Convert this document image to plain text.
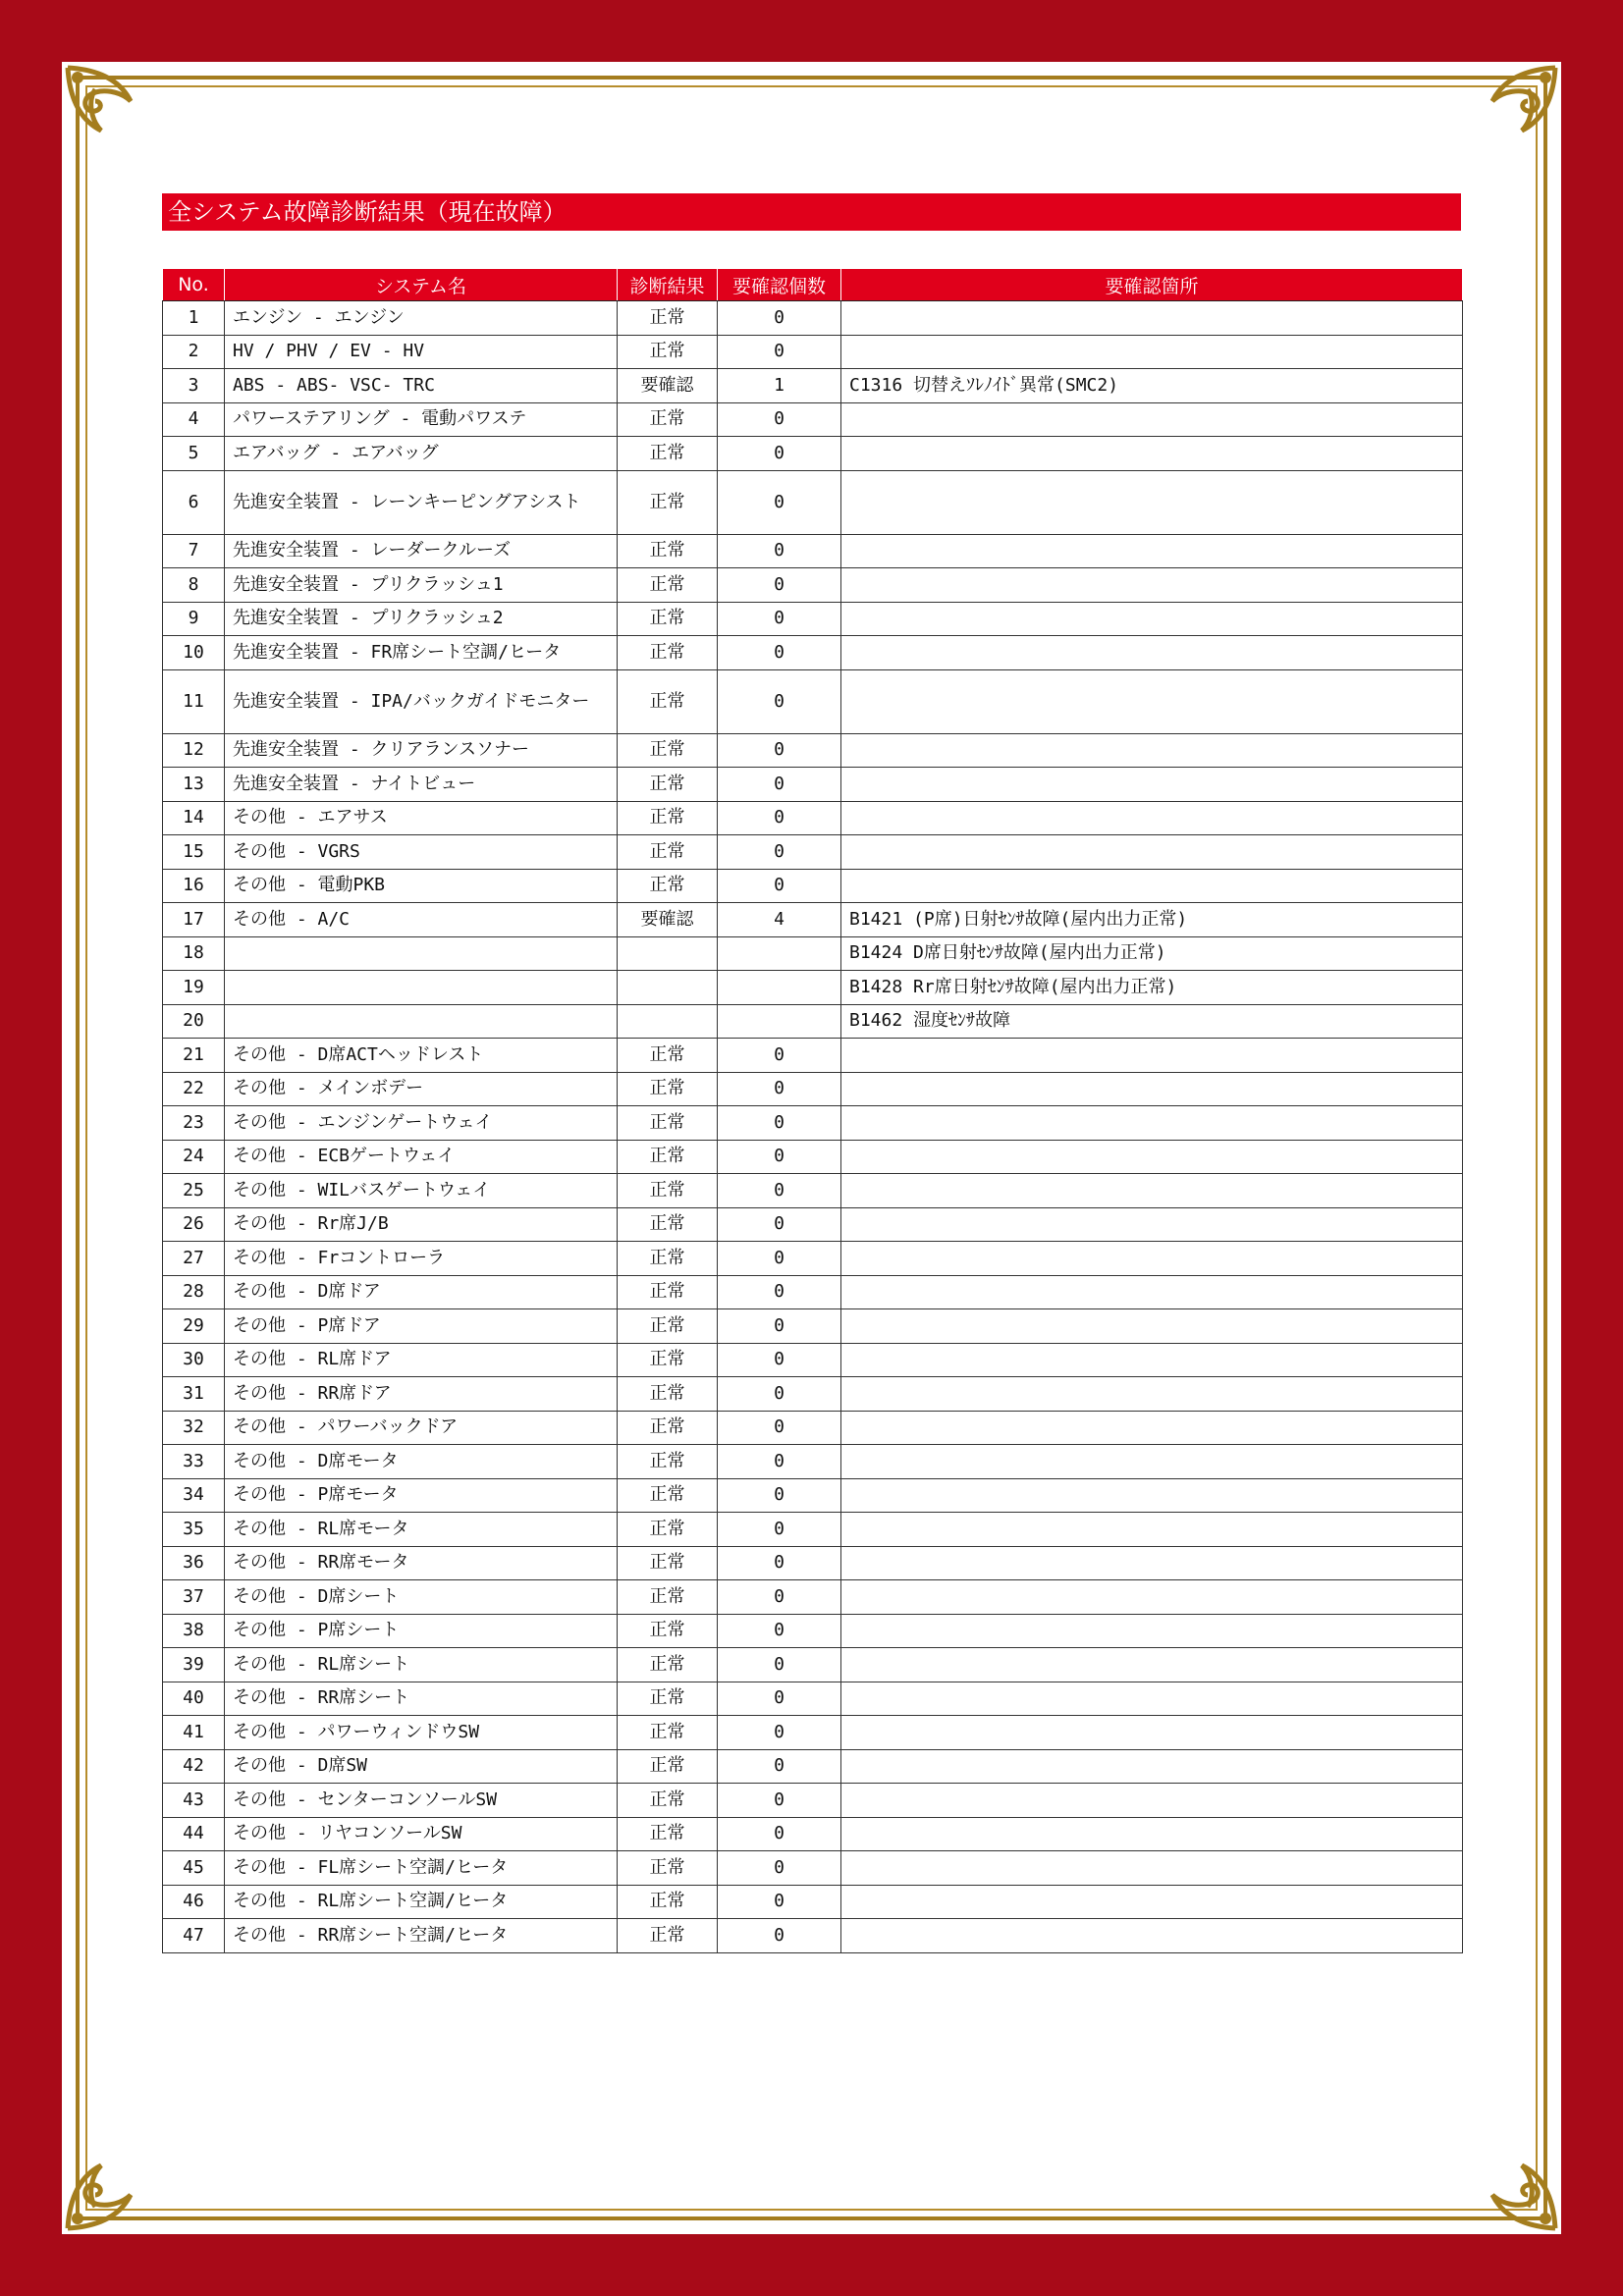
全システム故障診断結果（現在故障）
No.	システム名	診断結果	要確認個数	要確認箇所
1	エンジン - エンジン	正常	0	
2	HV / PHV / EV - HV	正常	0	
3	ABS - ABS- VSC- TRC	要確認	1	C1316 切替えｿﾚﾉｲﾄﾞ異常(SMC2)
4	パワーステアリング - 電動パワステ	正常	0	
5	エアバッグ - エアバッグ	正常	0	
6	先進安全装置 - レーンキーピングアシスト	正常	0	
7	先進安全装置 - レーダークルーズ	正常	0	
8	先進安全装置 - プリクラッシュ1	正常	0	
9	先進安全装置 - プリクラッシュ2	正常	0	
10	先進安全装置 - FR席シート空調/ヒータ	正常	0	
11	先進安全装置 - IPA/バックガイドモニター	正常	0	
12	先進安全装置 - クリアランスソナー	正常	0	
13	先進安全装置 - ナイトビュー	正常	0	
14	その他 - エアサス	正常	0	
15	その他 - VGRS	正常	0	
16	その他 - 電動PKB	正常	0	
17	その他 - A/C	要確認	4	B1421 (P席)日射ｾﾝｻ故障(屋内出力正常)
18				B1424 D席日射ｾﾝｻ故障(屋内出力正常)
19				B1428 Rr席日射ｾﾝｻ故障(屋内出力正常)
20				B1462 湿度ｾﾝｻ故障
21	その他 - D席ACTヘッドレスト	正常	0	
22	その他 - メインボデー	正常	0	
23	その他 - エンジンゲートウェイ	正常	0	
24	その他 - ECBゲートウェイ	正常	0	
25	その他 - WILバスゲートウェイ	正常	0	
26	その他 - Rr席J/B	正常	0	
27	その他 - Frコントローラ	正常	0	
28	その他 - D席ドア	正常	0	
29	その他 - P席ドア	正常	0	
30	その他 - RL席ドア	正常	0	
31	その他 - RR席ドア	正常	0	
32	その他 - パワーバックドア	正常	0	
33	その他 - D席モータ	正常	0	
34	その他 - P席モータ	正常	0	
35	その他 - RL席モータ	正常	0	
36	その他 - RR席モータ	正常	0	
37	その他 - D席シート	正常	0	
38	その他 - P席シート	正常	0	
39	その他 - RL席シート	正常	0	
40	その他 - RR席シート	正常	0	
41	その他 - パワーウィンドウSW	正常	0	
42	その他 - D席SW	正常	0	
43	その他 - センターコンソールSW	正常	0	
44	その他 - リヤコンソールSW	正常	0	
45	その他 - FL席シート空調/ヒータ	正常	0	
46	その他 - RL席シート空調/ヒータ	正常	0	
47	その他 - RR席シート空調/ヒータ	正常	0	
